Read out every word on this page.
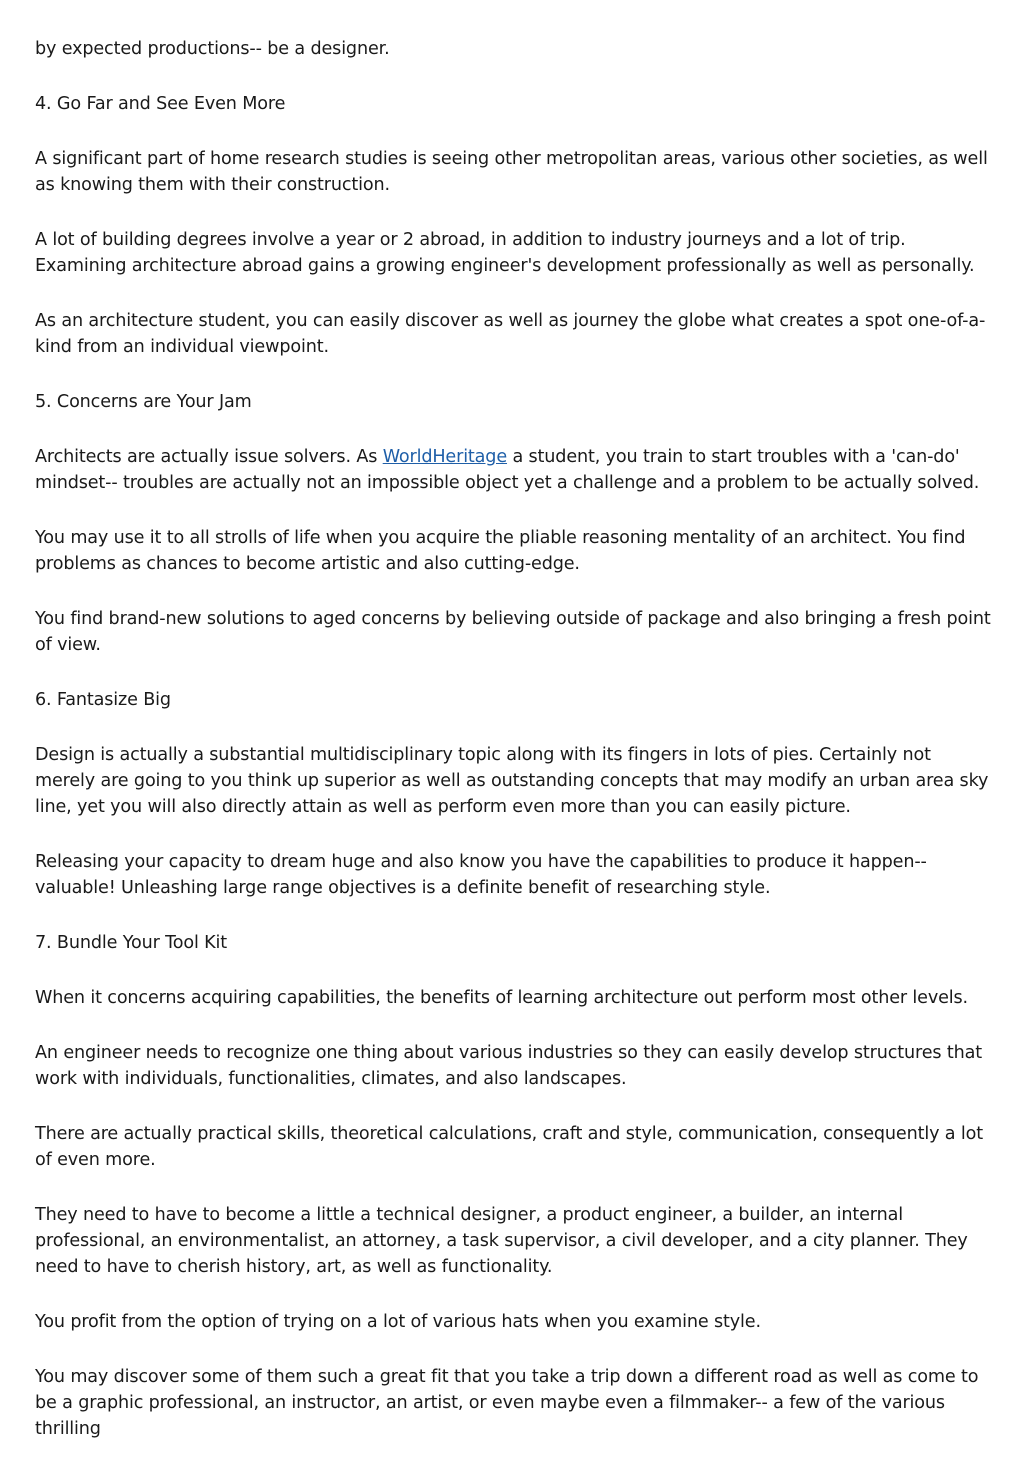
by expected productions-- be a designer.

4. Go Far and See Even More

A significant part of home research studies is seeing other metropolitan areas, various other societies, as well as knowing them with their construction.

A lot of building degrees involve a year or 2 abroad, in addition to industry journeys and a lot of trip. Examining architecture abroad gains a growing engineer's development professionally as well as personally.

As an architecture student, you can easily discover as well as journey the globe what creates a spot one-of-a-kind from an individual viewpoint.

5. Concerns are Your Jam

Architects are actually issue solvers. As WorldHeritage a student, you train to start troubles with a 'can-do' mindset-- troubles are actually not an impossible object yet a challenge and a problem to be actually solved.

You may use it to all strolls of life when you acquire the pliable reasoning mentality of an architect. You find problems as chances to become artistic and also cutting-edge.

You find brand-new solutions to aged concerns by believing outside of package and also bringing a fresh point of view.

6. Fantasize Big

Design is actually a substantial multidisciplinary topic along with its fingers in lots of pies. Certainly not merely are going to you think up superior as well as outstanding concepts that may modify an urban area sky line, yet you will also directly attain as well as perform even more than you can easily picture.

Releasing your capacity to dream huge and also know you have the capabilities to produce it happen-- valuable! Unleashing large range objectives is a definite benefit of researching style.

7. Bundle Your Tool Kit

When it concerns acquiring capabilities, the benefits of learning architecture out perform most other levels.

An engineer needs to recognize one thing about various industries so they can easily develop structures that work with individuals, functionalities, climates, and also landscapes.

There are actually practical skills, theoretical calculations, craft and style, communication, consequently a lot of even more.

They need to have to become a little a technical designer, a product engineer, a builder, an internal professional, an environmentalist, an attorney, a task supervisor, a civil developer, and a city planner. They need to have to cherish history, art, as well as functionality.

You profit from the option of trying on a lot of various hats when you examine style.

You may discover some of them such a great fit that you take a trip down a different road as well as come to be a graphic professional, an instructor, an artist, or even maybe even a filmmaker-- a few of the various thrilling
